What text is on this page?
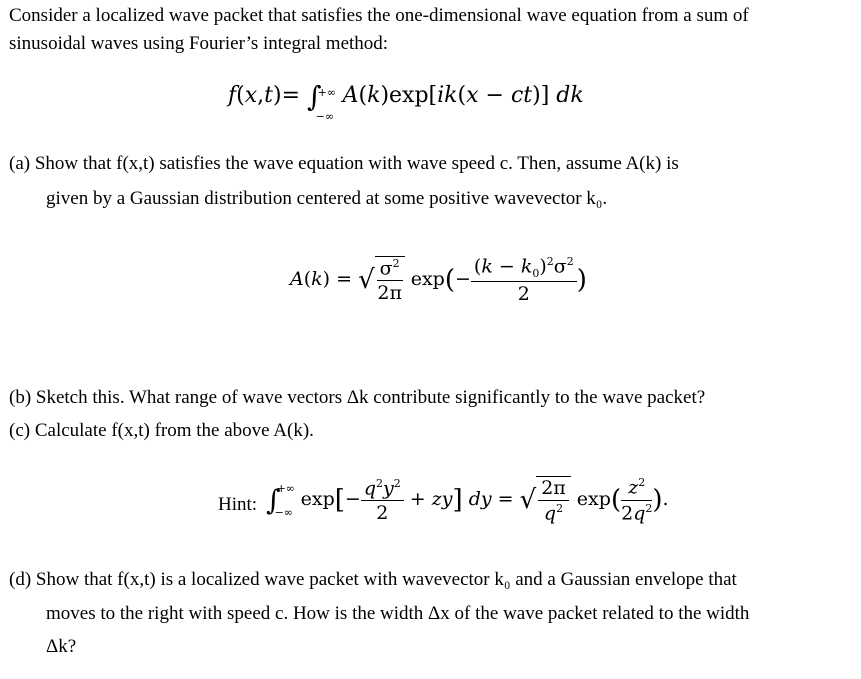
Consider a localized wave packet that satisfies the one-dimensional wave equation from a sum of
sinusoidal waves using Fourier’s integral method:
f(x,t)= ∫
+∞
−∞
A(k)exp[ik(x − ct)] dk
(a) Show that f(x,t) satisfies the wave equation with wave speed c. Then, assume A(k) is
given by a Gaussian distribution centered at some positive wavevector k₀.
A(k) = √ $\frac{\sigma^2}{2\pi} \exp(- \frac{(k - k_0)^2\sigma^2}{2}$ )
(b) Sketch this. What range of wave vectors Δk contribute significantly to the wave packet?
(c) Calculate f(x,t) from the above A(k).
Hint: ∫
+∞
−∞
$\exp[- \frac{q^2y^2}{2} + zy]$ dy = √ $\frac{2\pi}{q^2} \exp( \frac{z^2}{2q^2}$ ).
(d) Show that f(x,t) is a localized wave packet with wavevector k₀ and a Gaussian envelope that
moves to the right with speed c. How is the width Δx of the wave packet related to the width
Δk?
